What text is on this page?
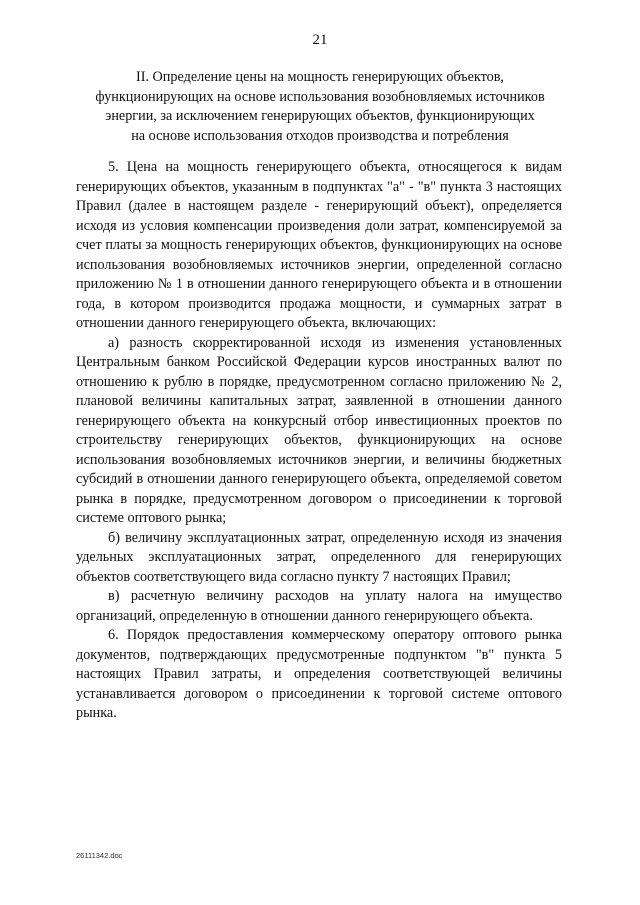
21
II. Определение цены на мощность генерирующих объектов,
функционирующих на основе использования возобновляемых источников
энергии, за исключением генерирующих объектов, функционирующих
на основе использования отходов производства и потребления

5. Цена на мощность генерирующего объекта, относящегося к видам генерирующих объектов, указанным в подпунктах "а" - "в" пункта 3 настоящих Правил (далее в настоящем разделе - генерирующий объект), определяется исходя из условия компенсации произведения доли затрат, компенсируемой за счет платы за мощность генерирующих объектов, функционирующих на основе использования возобновляемых источников энергии, определенной согласно приложению № 1 в отношении данного генерирующего объекта и в отношении года, в котором производится продажа мощности, и суммарных затрат в отношении данного генерирующего объекта, включающих:

а) разность скорректированной исходя из изменения установленных Центральным банком Российской Федерации курсов иностранных валют по отношению к рублю в порядке, предусмотренном согласно приложению № 2, плановой величины капитальных затрат, заявленной в отношении данного генерирующего объекта на конкурсный отбор инвестиционных проектов по строительству генерирующих объектов, функционирующих на основе использования возобновляемых источников энергии, и величины бюджетных субсидий в отношении данного генерирующего объекта, определяемой советом рынка в порядке, предусмотренном договором о присоединении к торговой системе оптового рынка;

б) величину эксплуатационных затрат, определенную исходя из значения удельных эксплуатационных затрат, определенного для генерирующих объектов соответствующего вида согласно пункту 7 настоящих Правил;

в) расчетную величину расходов на уплату налога на имущество организаций, определенную в отношении данного генерирующего объекта.

6. Порядок предоставления коммерческому оператору оптового рынка документов, подтверждающих предусмотренные подпунктом "в" пункта 5 настоящих Правил затраты, и определения соответствующей величины устанавливается договором о присоединении к торговой системе оптового рынка.

26111342.doc
